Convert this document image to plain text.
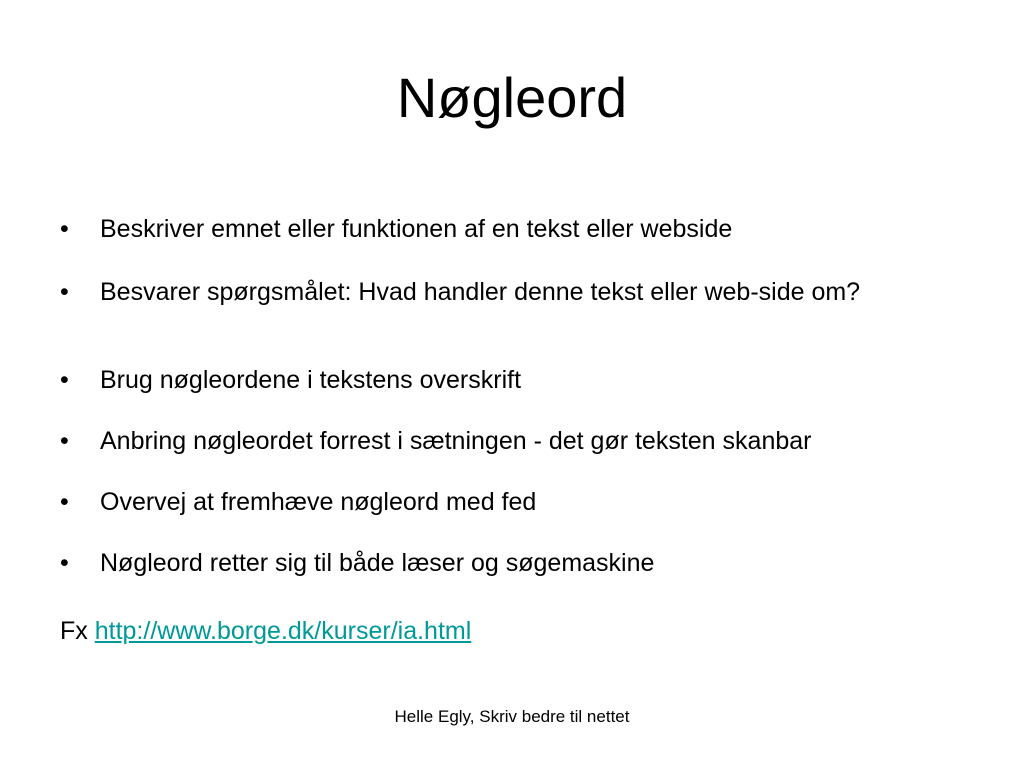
Nøgleord
•	Beskriver emnet eller funktionen af en tekst eller webside
•	Besvarer spørgsmålet: Hvad handler denne tekst eller web-side om?
•	Brug nøgleordene i tekstens overskrift
•	Anbring nøgleordet forrest i sætningen - det gør teksten skanbar
•	Overvej at fremhæve nøgleord med fed
•	Nøgleord retter sig til både læser og søgemaskine
Fx http://www.borge.dk/kurser/ia.html
Helle Egly, Skriv bedre til nettet
